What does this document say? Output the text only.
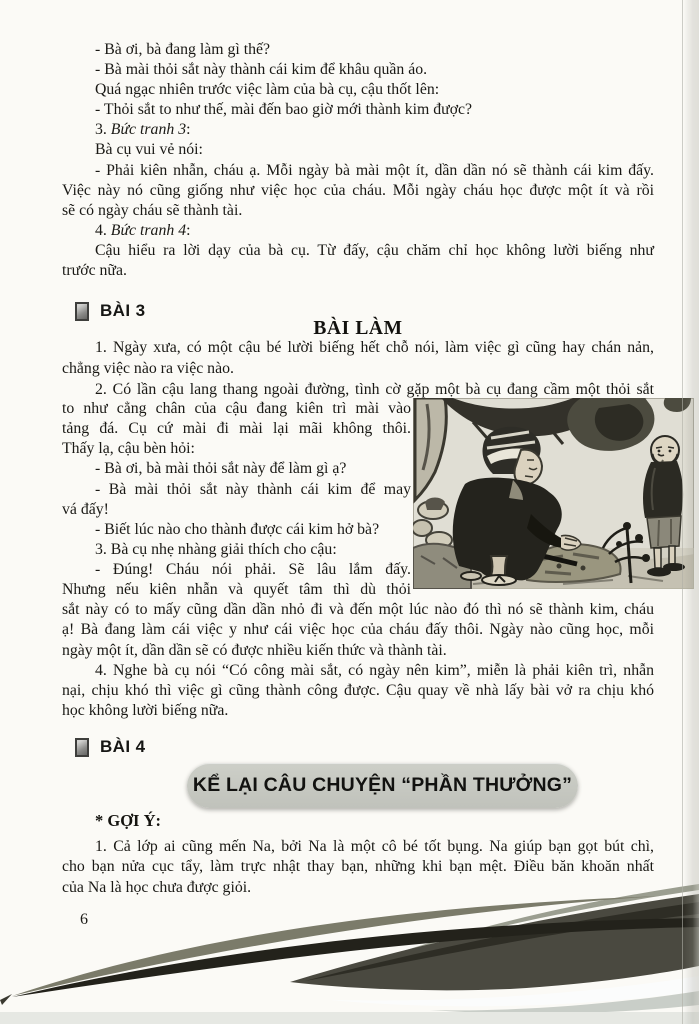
- Bà ơi, bà đang làm gì thế?
- Bà mài thỏi sắt này thành cái kim để khâu quần áo.
Quá ngạc nhiên trước việc làm của bà cụ, cậu thốt lên:
- Thỏi sắt to như thế, mài đến bao giờ mới thành kim được?
3. Bức tranh 3:
Bà cụ vui vẻ nói:
- Phải kiên nhẫn, cháu ạ. Mỗi ngày bà mài một ít, dần dần nó sẽ thành cái kim đấy.
Việc này nó cũng giống như việc học của cháu. Mỗi ngày cháu học được một ít và rồi
sẽ có ngày cháu sẽ thành tài.
4. Bức tranh 4:
Cậu hiểu ra lời dạy của bà cụ. Từ đấy, cậu chăm chỉ học không lười biếng như
trước nữa.
BÀI 3
BÀI LÀM
1. Ngày xưa, có một cậu bé lười biếng hết chỗ nói, làm việc gì cũng hay chán nản,
chẳng việc nào ra việc nào.
2. Có lần cậu lang thang ngoài đường, tình cờ gặp một bà cụ đang cầm một thỏi sắt
to như cẳng chân của cậu đang kiên trì mài vào
tảng đá. Cụ cứ mài đi mài lại mãi không thôi.
Thấy lạ, cậu bèn hỏi:
- Bà ơi, bà mài thỏi sắt này để làm gì ạ?
- Bà mài thỏi sắt này thành cái kim để may
vá đấy!
- Biết lúc nào cho thành được cái kim hở bà?
3. Bà cụ nhẹ nhàng giải thích cho cậu:
- Đúng! Cháu nói phải. Sẽ lâu lắm đấy.
Nhưng nếu kiên nhẫn và quyết tâm thì dù thỏi
sắt này có to mấy cũng dần dần nhỏ đi và đến một lúc nào đó thì nó sẽ thành kim, cháu
ạ! Bà đang làm cái việc y như cái việc học của cháu đấy thôi. Ngày nào cũng học, mỗi
ngày một ít, dần dần sẽ có được nhiều kiến thức và thành tài.
4. Nghe bà cụ nói “Có công mài sắt, có ngày nên kim”, miễn là phải kiên trì, nhẫn
nại, chịu khó thì việc gì cũng thành công được. Cậu quay về nhà lấy bài vở ra chịu khó
học không lười biếng nữa.
BÀI 4
KỂ LẠI CÂU CHUYỆN “PHẦN THƯỞNG”
* GỢI Ý:
1. Cả lớp ai cũng mến Na, bởi Na là một cô bé tốt bụng. Na giúp bạn gọt bút chì,
cho bạn nửa cục tẩy, làm trực nhật thay bạn, những khi bạn mệt. Điều băn khoăn nhất
của Na là học chưa được giỏi.
6
